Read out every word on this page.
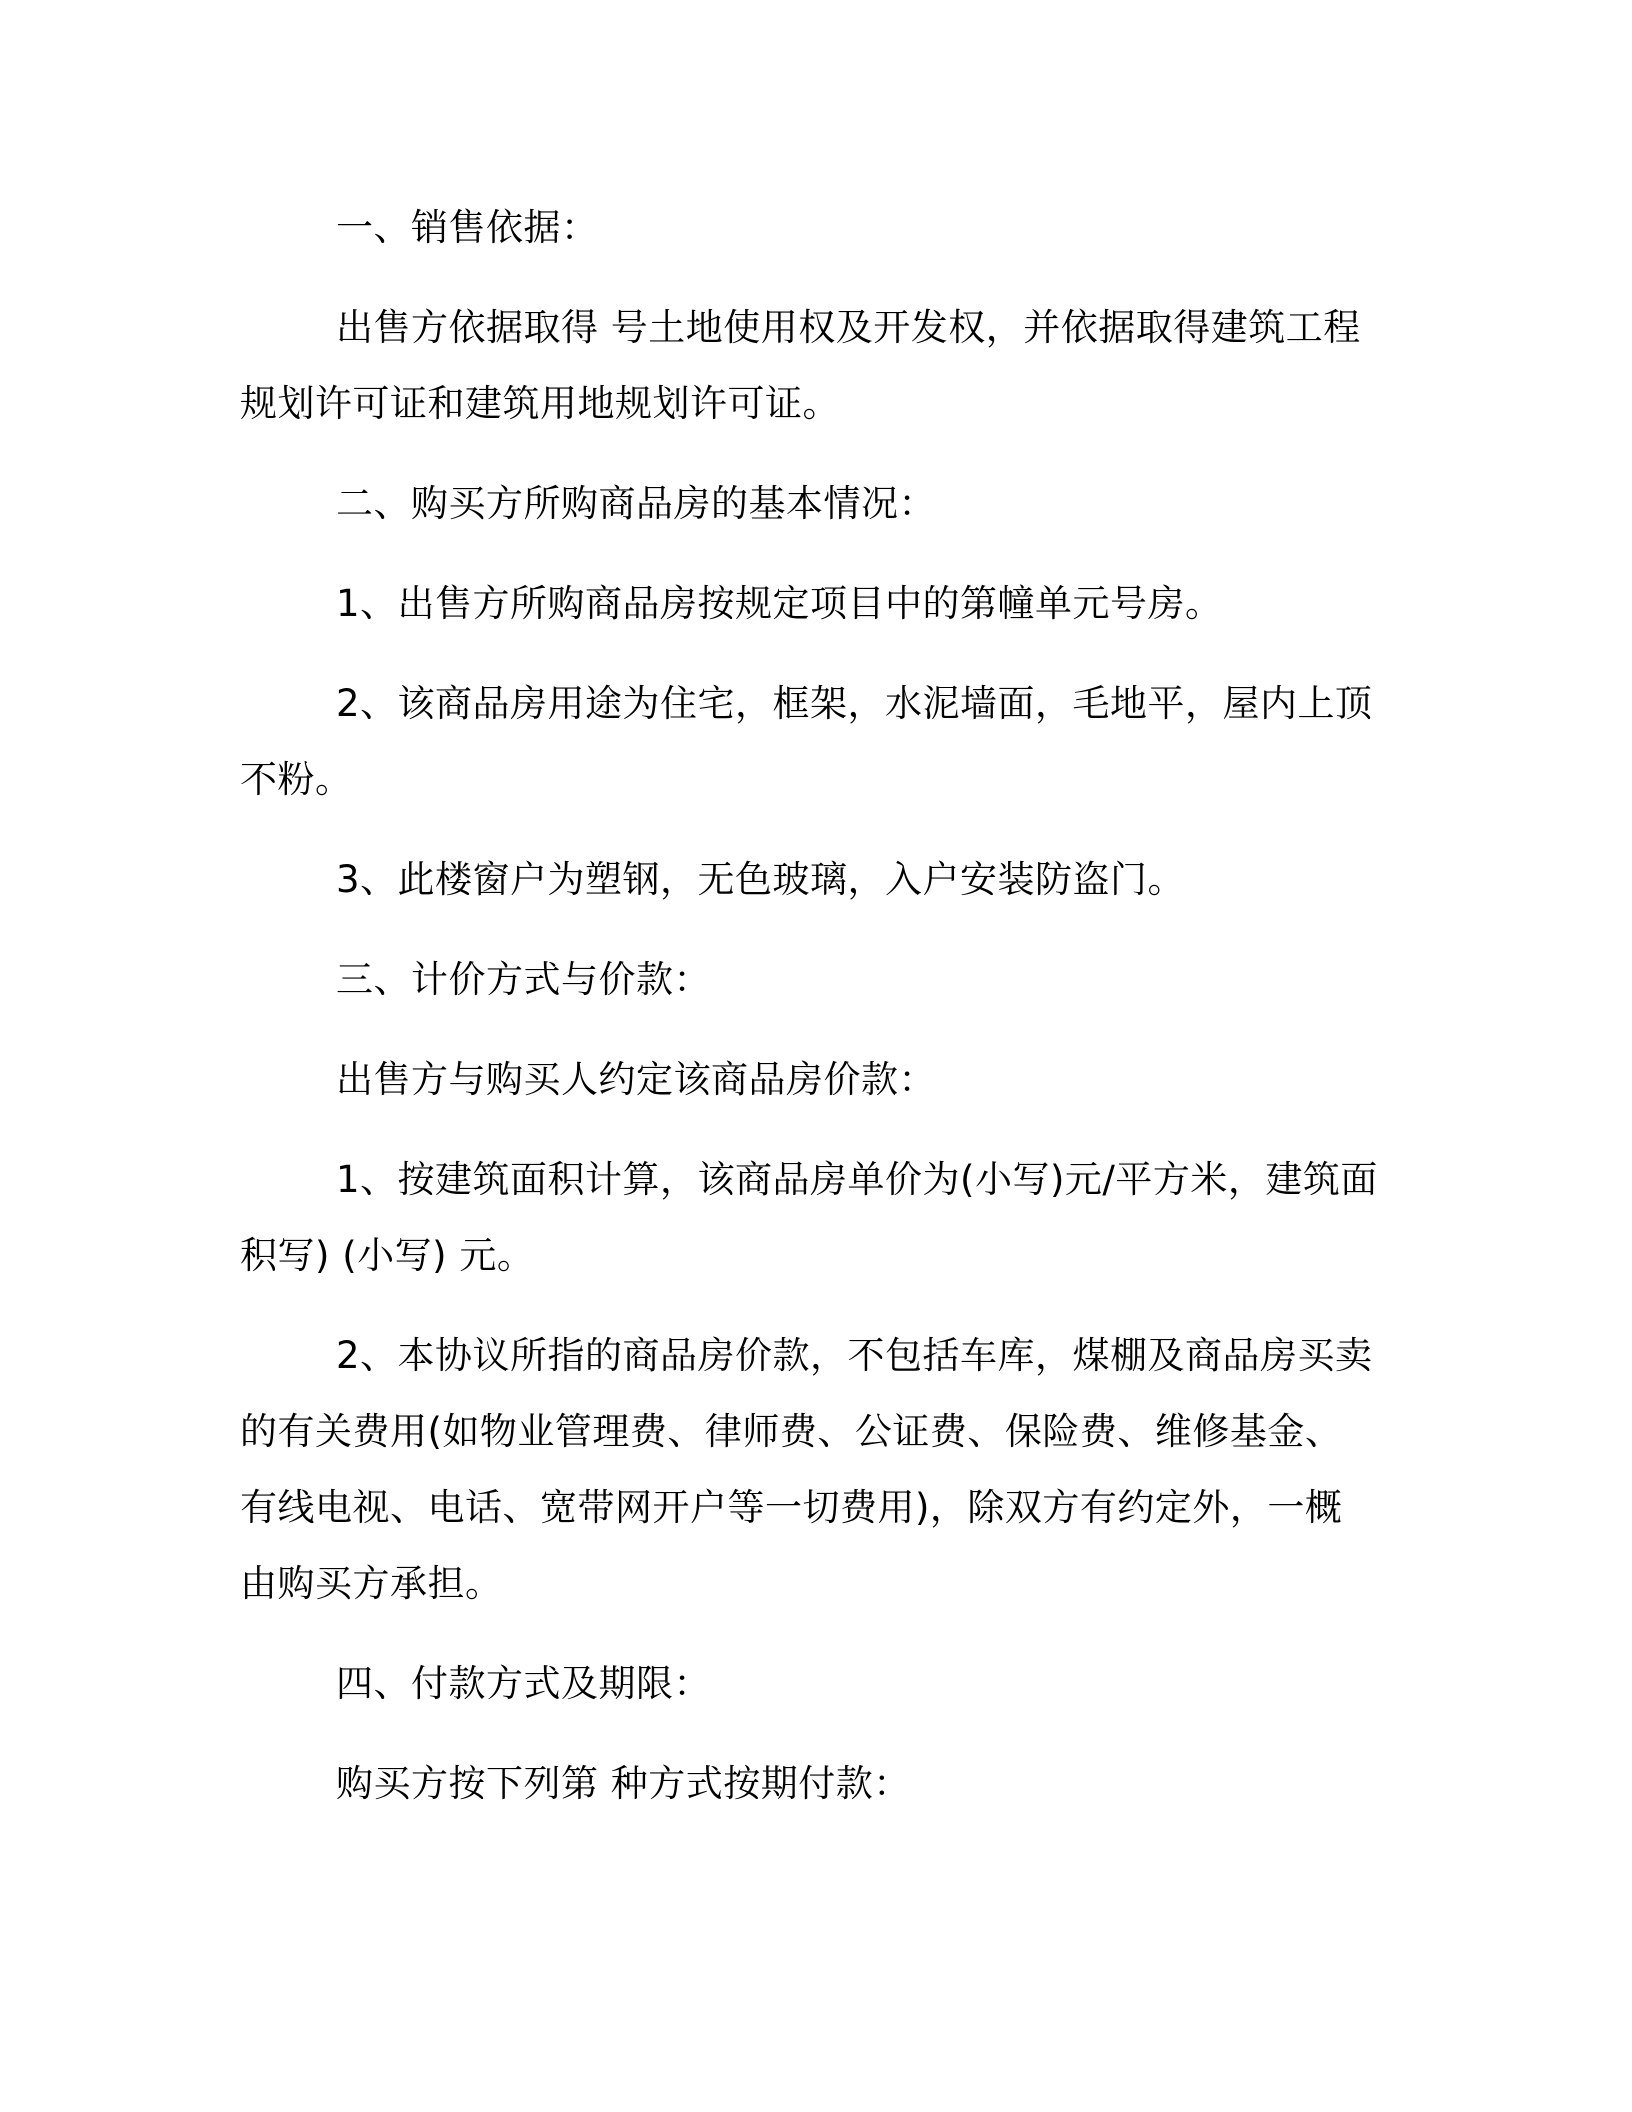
一、销售依据：

出售方依据取得 号土地使用权及开发权，并依据取得建筑工程规划许可证和建筑用地规划许可证。

二、购买方所购商品房的基本情况：

1、出售方所购商品房按规定项目中的第幢单元号房。

2、该商品房用途为住宅，框架，水泥墙面，毛地平，屋内上顶不粉。

3、此楼窗户为塑钢，无色玻璃，入户安装防盗门。

三、计价方式与价款：

出售方与购买人约定该商品房价款：

1、按建筑面积计算，该商品房单价为(小写)元/平方米，建筑面积写) (小写) 元。

2、本协议所指的商品房价款，不包括车库，煤棚及商品房买卖的有关费用(如物业管理费、律师费、公证费、保险费、维修基金、有线电视、电话、宽带网开户等一切费用)，除双方有约定外，一概由购买方承担。

四、付款方式及期限：

购买方按下列第 种方式按期付款：
